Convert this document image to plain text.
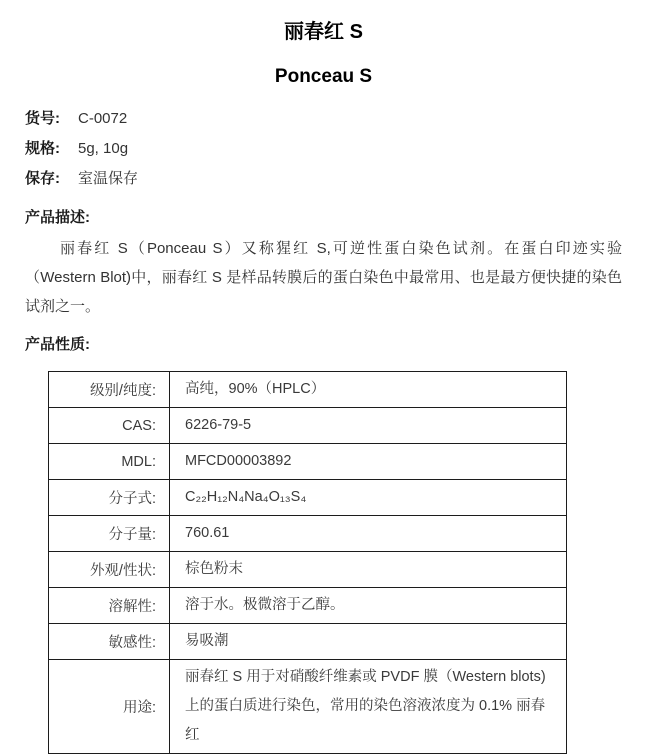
丽春红 S
Ponceau S
货号: C-0072
规格: 5g, 10g
保存: 室温保存
产品描述:

丽春红 S（Ponceau S）又称猩红 S,可逆性蛋白染色试剂。在蛋白印迹实验（Western Blot)中，丽春红 S 是样品转膜后的蛋白染色中最常用、也是最方便快捷的染色试剂之一。

产品性质:
级别/纯度:	高纯，90%（HPLC）
CAS:	6226-79-5
MDL:	MFCD00003892
分子式:	C₂₂H₁₂N₄Na₄O₁₃S₄
分子量:	760.61
外观/性状:	棕色粉末
溶解性:	溶于水。极微溶于乙醇。
敏感性:	易吸潮
用途:	丽春红 S 用于对硝酸纤维素或 PVDF 膜（Western blots)上的蛋白质进行染色，常用的染色溶液浓度为 0.1% 丽春红
